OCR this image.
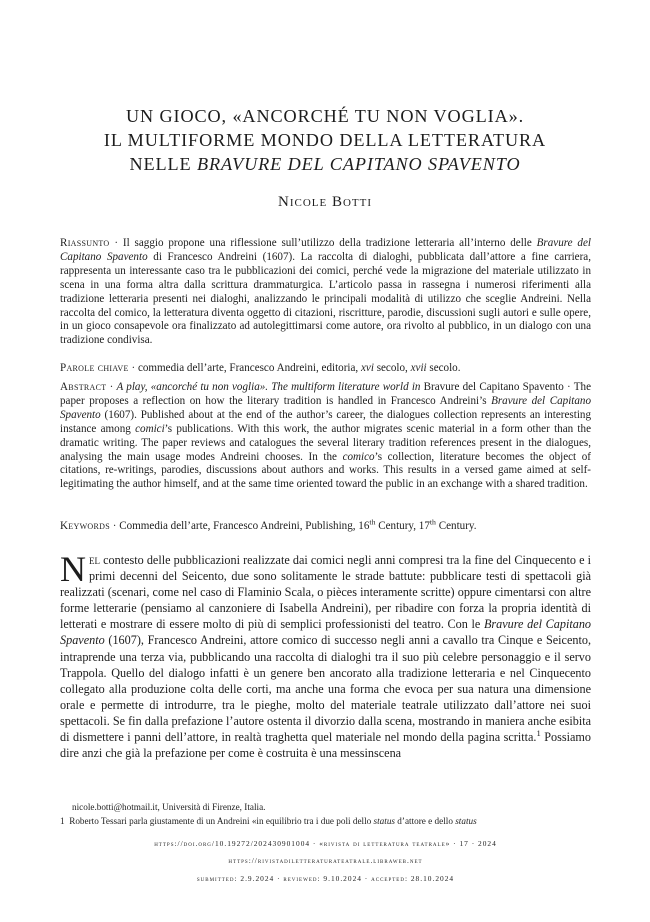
UN GIOCO, «ANCORCHÉ TU NON VOGLIA».
IL MULTIFORME MONDO DELLA LETTERATURA
NELLE BRAVURE DEL CAPITANO SPAVENTO
Nicole Botti
Riassunto · Il saggio propone una riflessione sull’utilizzo della tradizione letteraria all’interno delle Bravure del Capitano Spavento di Francesco Andreini (1607). La raccolta di dialoghi, pubblicata dall’attore a fine carriera, rappresenta un interessante caso tra le pubblicazioni dei comici, perché vede la migrazione del materiale utilizzato in scena in una forma altra dalla scrittura drammaturgica. L’articolo passa in rassegna i numerosi riferimenti alla tradizione letteraria presenti nei dialoghi, analizzando le principali modalità di utilizzo che sceglie Andreini. Nella raccolta del comico, la letteratura diventa oggetto di citazioni, riscritture, parodie, discussioni sugli autori e sulle opere, in un gioco consapevole ora finalizzato ad autolegittimarsi come autore, ora rivolto al pubblico, in un dialogo con una tradizione condivisa.
Parole chiave · commedia dell’arte, Francesco Andreini, editoria, xvi secolo, xvii secolo.
Abstract · A play, «ancorché tu non voglia». The multiform literature world in Bravure del Capitano Spavento · The paper proposes a reflection on how the literary tradition is handled in Francesco Andreini’s Bravure del Capitano Spavento (1607). Published about at the end of the author’s career, the dialogues collection represents an interesting instance among comici’s publications. With this work, the author migrates scenic material in a form other than the dramatic writing. The paper reviews and catalogues the several literary tradition references present in the dialogues, analysing the main usage modes Andreini chooses. In the comico’s collection, literature becomes the object of citations, re-writings, parodies, discussions about authors and works. This results in a versed game aimed at self-legitimating the author himself, and at the same time oriented toward the public in an exchange with a shared tradition.
Keywords · Commedia dell’arte, Francesco Andreini, Publishing, 16th Century, 17th Century.
Nel contesto delle pubblicazioni realizzate dai comici negli anni compresi tra la fine del Cinquecento e i primi decenni del Seicento, due sono solitamente le strade battute: pubblicare testi di spettacoli già realizzati (scenari, come nel caso di Flaminio Scala, o pièces interamente scritte) oppure cimentarsi con altre forme letterarie (pensiamo al canzoniere di Isabella Andreini), per ribadire con forza la propria identità di letterati e mostrare di essere molto di più di semplici professionisti del teatro. Con le Bravure del Capitano Spavento (1607), Francesco Andreini, attore comico di successo negli anni a cavallo tra Cinque e Seicento, intraprende una terza via, pubblicando una raccolta di dialoghi tra il suo più celebre personaggio e il servo Trappola. Quello del dialogo infatti è un genere ben ancorato alla tradizione letteraria e nel Cinquecento collegato alla produzione colta delle corti, ma anche una forma che evoca per sua natura una dimensione orale e permette di introdurre, tra le pieghe, molto del materiale teatrale utilizzato dall’attore nei suoi spettacoli. Se fin dalla prefazione l’autore ostenta il divorzio dalla scena, mostrando in maniera anche esibita di dismettere i panni dell’attore, in realtà traghetta quel materiale nel mondo della pagina scritta.$^1$ Possiamo dire anzi che già la prefazione per come è costruita è una messinscena
nicole.botti@hotmail.it, Università di Firenze, Italia.
1 Roberto Tessari parla giustamente di un Andreini «in equilibrio tra i due poli dello status d’attore e dello status
https://doi.org/10.19272/202430901004 · «rivista di letteratura teatrale» · 17 · 2024
https://rivistadiletteraturateatrale.libraweb.net
submitted: 2.9.2024 · reviewed: 9.10.2024 · accepted: 28.10.2024
